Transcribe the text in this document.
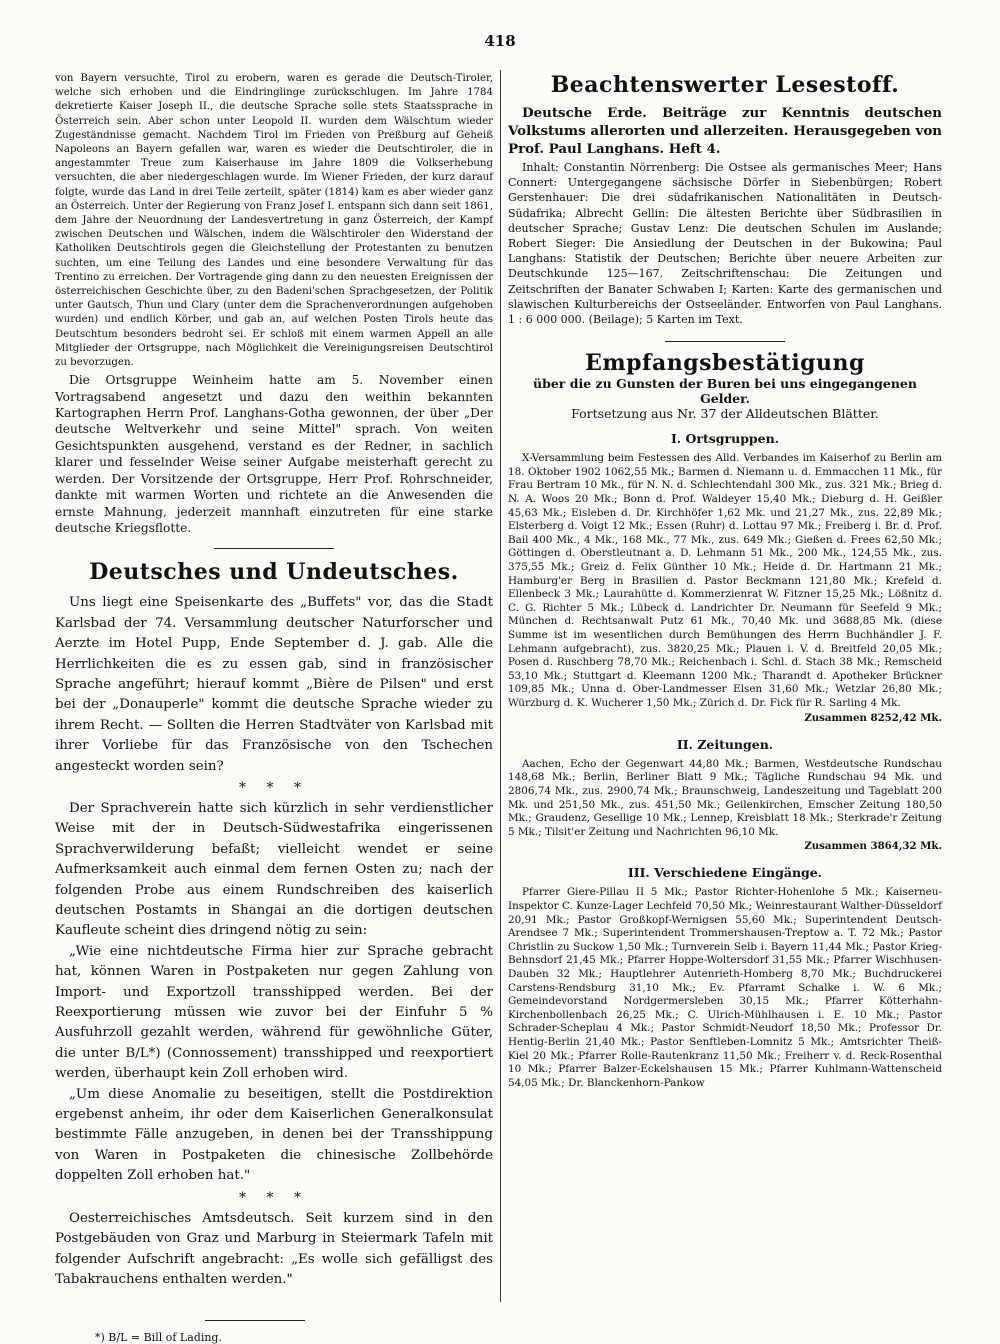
418

von Bayern versuchte, Tirol zu erobern, waren es gerade die Deutsch-Tiroler, welche sich erhoben und die Eindringlinge zurückschlugen. Im Jahre 1784 dekretierte Kaiser Joseph II., die deutsche Sprache solle stets Staatssprache in Österreich sein. Aber schon unter Leopold II. wurden dem Wälschtum wieder Zugeständnisse gemacht. Nachdem Tirol im Frieden von Preßburg auf Geheiß Napoleons an Bayern gefallen war, waren es wieder die Deutschtiroler, die in angestammter Treue zum Kaiserhause im Jahre 1809 die Volkserhebung versuchten, die aber niedergeschlagen wurde. Im Wiener Frieden, der kurz darauf folgte, wurde das Land in drei Teile zerteilt, später (1814) kam es aber wieder ganz an Österreich. Unter der Regierung von Franz Josef I. entspann sich dann seit 1861, dem Jahre der Neuordnung der Landesvertretung in ganz Österreich, der Kampf zwischen Deutschen und Wälschen, indem die Wälschtiroler den Widerstand der Katholiken Deutschtirols gegen die Gleichstellung der Protestanten zu benutzen suchten, um eine Teilung des Landes und eine besondere Verwaltung für das Trentino zu erreichen. Der Vortragende ging dann zu den neuesten Ereignissen der österreichischen Geschichte über, zu den Badeni'schen Sprachgesetzen, der Politik unter Gautsch, Thun und Clary (unter dem die Sprachenverordnungen aufgehoben wurden) und endlich Körber, und gab an, auf welchen Posten Tirols heute das Deutschtum besonders bedroht sei. Er schloß mit einem warmen Appell an alle Mitglieder der Ortsgruppe, nach Möglichkeit die Vereinigungsreisen Deutschtirol zu bevorzugen.

Die Ortsgruppe Weinheim hatte am 5. November einen Vortragsabend angesetzt und dazu den weithin bekannten Kartographen Herrn Prof. Langhans-Gotha gewonnen, der über „Der deutsche Weltverkehr und seine Mittel" sprach. Von weiten Gesichtspunkten ausgehend, verstand es der Redner, in sachlich klarer und fesselnder Weise seiner Aufgabe meisterhaft gerecht zu werden. Der Vorsitzende der Ortsgruppe, Herr Prof. Rohrschneider, dankte mit warmen Worten und richtete an die Anwesenden die ernste Mahnung, jederzeit mannhaft einzutreten für eine starke deutsche Kriegsflotte.

Deutsches und Undeutsches.

Uns liegt eine Speisenkarte des „Buffets" vor, das die Stadt Karlsbad der 74. Versammlung deutscher Naturforscher und Aerzte im Hotel Pupp, Ende September d. J. gab. Alle die Herrlichkeiten die es zu essen gab, sind in französischer Sprache angeführt; hierauf kommt „Bière de Pilsen" und erst bei der „Donauperle" kommt die deutsche Sprache wieder zu ihrem Recht. — Sollten die Herren Stadtväter von Karlsbad mit ihrer Vorliebe für das Französische von den Tschechen angesteckt worden sein?

* * *

Der Sprachverein hatte sich kürzlich in sehr verdienstlicher Weise mit der in Deutsch-Südwestafrika eingerissenen Sprachverwilderung befaßt; vielleicht wendet er seine Aufmerksamkeit auch einmal dem fernen Osten zu; nach der folgenden Probe aus einem Rundschreiben des kaiserlich deutschen Postamts in Shangai an die dortigen deutschen Kaufleute scheint dies dringend nötig zu sein:

„Wie eine nichtdeutsche Firma hier zur Sprache gebracht hat, können Waren in Postpaketen nur gegen Zahlung von Import- und Exportzoll transshipped werden. Bei der Reexportierung müssen wie zuvor bei der Einfuhr 5 % Ausfuhrzoll gezahlt werden, während für gewöhnliche Güter, die unter B/L*) (Connossement) transshipped und reexportiert werden, überhaupt kein Zoll erhoben wird.

„Um diese Anomalie zu beseitigen, stellt die Postdirektion ergebenst anheim, ihr oder dem Kaiserlichen Generalkonsulat bestimmte Fälle anzugeben, in denen bei der Transshippung von Waren in Postpaketen die chinesische Zollbehörde doppelten Zoll erhoben hat."

* * *

Oesterreichisches Amtsdeutsch. Seit kurzem sind in den Postgebäuden von Graz und Marburg in Steiermark Tafeln mit folgender Aufschrift angebracht: „Es wolle sich gefälligst des Tabakrauchens enthalten werden."

*) B/L = Bill of Lading.

Beachtenswerter Lesestoff.

Deutsche Erde. Beiträge zur Kenntnis deutschen Volkstums allerorten und allerzeiten. Herausgegeben von Prof. Paul Langhans. Heft 4.

Inhalt: Constantin Nörrenberg: Die Ostsee als germanisches Meer; Hans Connert: Untergegangene sächsische Dörfer in Siebenbürgen; Robert Gerstenhauer: Die drei südafrikanischen Nationalitäten in Deutsch-Südafrika; Albrecht Gellin: Die ältesten Berichte über Südbrasilien in deutscher Sprache; Gustav Lenz: Die deutschen Schulen im Auslande; Robert Sieger: Die Ansiedlung der Deutschen in der Bukowina; Paul Langhans: Statistik der Deutschen; Berichte über neuere Arbeiten zur Deutschkunde 125—167. Zeitschriftenschau: Die Zeitungen und Zeitschriften der Banater Schwaben I; Karten: Karte des germanischen und slawischen Kulturbereichs der Ostseeländer. Entworfen von Paul Langhans. 1 : 6 000 000. (Beilage); 5 Karten im Text.

Empfangsbestätigung

über die zu Gunsten der Buren bei uns eingegangenen Gelder.

Fortsetzung aus Nr. 37 der Alldeutschen Blätter.

I. Ortsgruppen.

X-Versammlung beim Festessen des Alld. Verbandes im Kaiserhof zu Berlin am 18. Oktober 1902 1062,55 Mk.; Barmen d. Niemann u. d. Emmacchen 11 Mk., für Frau Bertram 10 Mk., für N. N. d. Schlechtendahl 300 Mk., zus. 321 Mk.; Brieg d. N. A. Woos 20 Mk.; Bonn d. Prof. Waldeyer 15,40 Mk.; Dieburg d. H. Geißler 45,63 Mk.; Eisleben d. Dr. Kirchhöfer 1,62 Mk. und 21,27 Mk., zus. 22,89 Mk.; Elsterberg d. Voigt 12 Mk.; Essen (Ruhr) d. Lottau 97 Mk.; Freiberg i. Br. d. Prof. Bail 400 Mk., 4 Mk., 168 Mk., 77 Mk., zus. 649 Mk.; Gießen d. Frees 62,50 Mk.; Göttingen d. Oberstleutnant a. D. Lehmann 51 Mk., 200 Mk., 124,55 Mk., zus. 375,55 Mk.; Greiz d. Felix Günther 10 Mk.; Heide d. Dr. Hartmann 21 Mk.; Hamburg'er Berg in Brasilien d. Pastor Beckmann 121,80 Mk.; Krefeld d. Ellenbeck 3 Mk.; Laurahütte d. Kommerzienrat W. Fitzner 15,25 Mk.; Lößnitz d. C. G. Richter 5 Mk.; Lübeck d. Landrichter Dr. Neumann für Seefeld 9 Mk.; München d. Rechtsanwalt Putz 61 Mk., 70,40 Mk. und 3688,85 Mk. (diese Summe ist im wesentlichen durch Bemühungen des Herrn Buchhändler J. F. Lehmann aufgebracht), zus. 3820,25 Mk.; Plauen i. V. d. Breitfeld 20,05 Mk.; Posen d. Ruschberg 78,70 Mk.; Reichenbach i. Schl. d. Stach 38 Mk.; Remscheid 53,10 Mk.; Stuttgart d. Kleemann 1200 Mk.; Tharandt d. Apotheker Brückner 109,85 Mk.; Unna d. Ober-Landmesser Elsen 31,60 Mk.; Wetzlar 26,80 Mk.; Würzburg d. K. Wucherer 1,50 Mk.; Zürich d. Dr. Fick für R. Sarling 4 Mk.

Zusammen 8252,42 Mk.

II. Zeitungen.

Aachen, Echo der Gegenwart 44,80 Mk.; Barmen, Westdeutsche Rundschau 148,68 Mk.; Berlin, Berliner Blatt 9 Mk.; Tägliche Rundschau 94 Mk. und 2806,74 Mk., zus. 2900,74 Mk.; Braunschweig, Landeszeitung und Tageblatt 200 Mk. und 251,50 Mk., zus. 451,50 Mk.; Geilenkirchen, Emscher Zeitung 180,50 Mk.; Graudenz, Gesellige 10 Mk.; Lennep, Kreisblatt 18 Mk.; Sterkrade'r Zeitung 5 Mk.; Tilsit'er Zeitung und Nachrichten 96,10 Mk.

Zusammen 3864,32 Mk.

III. Verschiedene Eingänge.

Pfarrer Giere-Pillau II 5 Mk.; Pastor Richter-Hohenlohe 5 Mk.; Kaiserneu-Inspektor C. Kunze-Lager Lechfeld 70,50 Mk.; Weinrestaurant Walther-Düsseldorf 20,91 Mk.; Pastor Großkopf-Wernigsen 55,60 Mk.; Superintendent Deutsch-Arendsee 7 Mk.; Superintendent Trommershausen-Treptow a. T. 72 Mk.; Pastor Christlin zu Suckow 1,50 Mk.; Turnverein Selb i. Bayern 11,44 Mk.; Pastor Krieg-Behnsdorf 21,45 Mk.; Pfarrer Hoppe-Woltersdorf 31,55 Mk.; Pfarrer Wischhusen-Dauben 32 Mk.; Hauptlehrer Autenrieth-Homberg 8,70 Mk.; Buchdruckerei Carstens-Rendsburg 31,10 Mk.; Ev. Pfarramt Schalke i. W. 6 Mk.; Gemeindevorstand Nordgermersleben 30,15 Mk.; Pfarrer Kötterhahn-Kirchenbollenbach 26,25 Mk.; C. Ulrich-Mühlhausen i. E. 10 Mk.; Pastor Schrader-Scheplau 4 Mk.; Pastor Schmidt-Neudorf 18,50 Mk.; Professor Dr. Hentig-Berlin 21,40 Mk.; Pastor Senftleben-Lomnitz 5 Mk.; Amtsrichter Theiß-Kiel 20 Mk.; Pfarrer Rolle-Rautenkranz 11,50 Mk.; Freiherr v. d. Reck-Rosenthal 10 Mk.; Pfarrer Balzer-Eckelshausen 15 Mk.; Pfarrer Kuhlmann-Wattenscheid 54,05 Mk.; Dr. Blanckenhorn-Pankow
